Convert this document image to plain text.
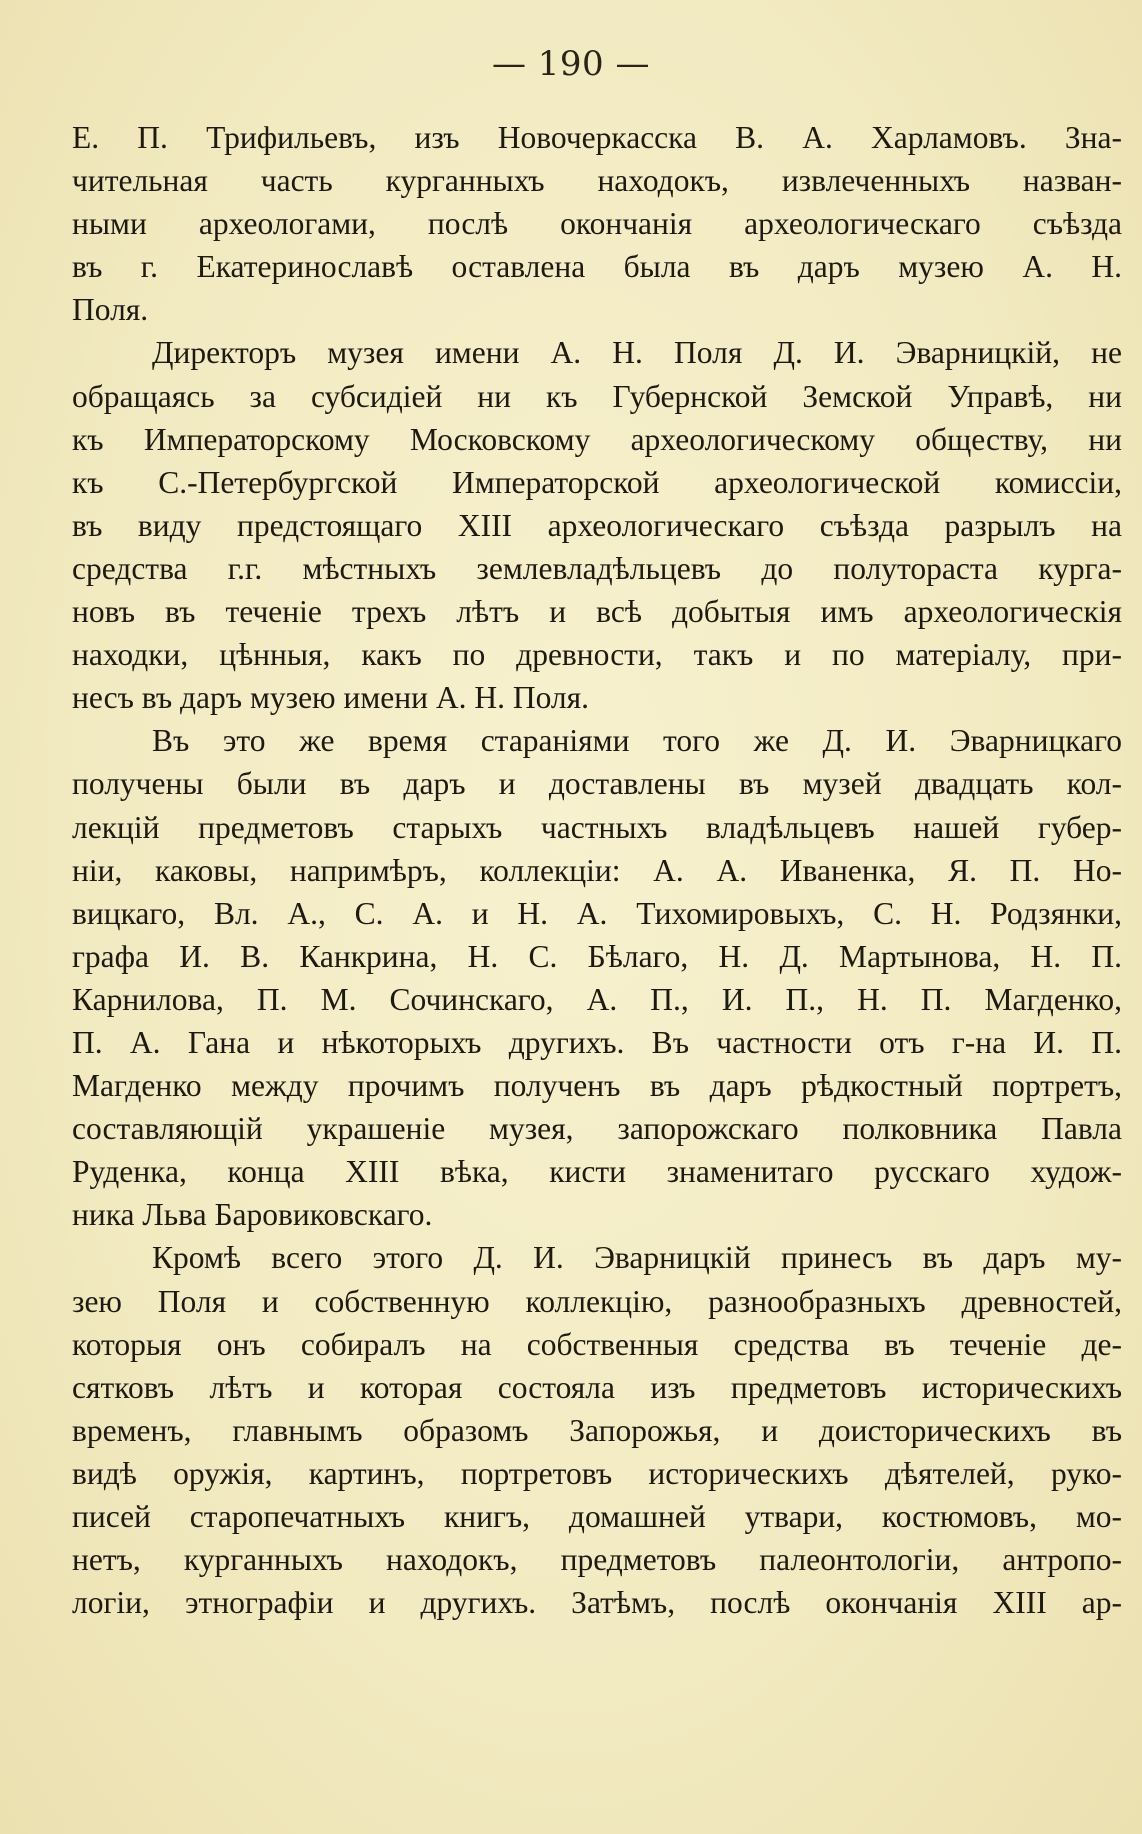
— 190 —
Е. П. Трифильевъ, изъ Новочеркасска В. А. Харламовъ. Зна-
чительная часть курганныхъ находокъ, извлеченныхъ назван-
ными археологами, послѣ окончанія археологическаго съѣзда
въ г. Екатеринославѣ оставлена была въ даръ музею А. Н.
Поля.
Директоръ музея имени А. Н. Поля Д. И. Эварницкій, не
обращаясь за субсидіей ни къ Губернской Земской Управѣ, ни
къ Императорскому Московскому археологическому обществу, ни
къ С.-Петербургской Императорской археологической комиссіи,
въ виду предстоящаго XIII археологическаго съѣзда разрылъ на
средства г.г. мѣстныхъ землевладѣльцевъ до полутораста курга-
новъ въ теченіе трехъ лѣтъ и всѣ добытыя имъ археологическія
находки, цѣнныя, какъ по древности, такъ и по матеріалу, при-
несъ въ даръ музею имени А. Н. Поля.
Въ это же время стараніями того же Д. И. Эварницкаго
получены были въ даръ и доставлены въ музей двадцать кол-
лекцій предметовъ старыхъ частныхъ владѣльцевъ нашей губер-
ніи, каковы, напримѣръ, коллекціи: А. А. Иваненка, Я. П. Но-
вицкаго, Вл. А., С. А. и Н. А. Тихомировыхъ, С. Н. Родзянки,
графа И. В. Канкрина, Н. С. Бѣлаго, Н. Д. Мартынова, Н. П.
Карнилова, П. М. Сочинскаго, А. П., И. П., Н. П. Магденко,
П. А. Гана и нѣкоторыхъ другихъ. Въ частности отъ г-на И. П.
Магденко между прочимъ полученъ въ даръ рѣдкостный портретъ,
составляющій украшеніе музея, запорожскаго полковника Павла
Руденка, конца XIII вѣка, кисти знаменитаго русскаго худож-
ника Льва Баровиковскаго.
Кромѣ всего этого Д. И. Эварницкій принесъ въ даръ му-
зею Поля и собственную коллекцію, разнообразныхъ древностей,
которыя онъ собиралъ на собственныя средства въ теченіе де-
сятковъ лѣтъ и которая состояла изъ предметовъ историческихъ
временъ, главнымъ образомъ Запорожья, и доисторическихъ въ
видѣ оружія, картинъ, портретовъ историческихъ дѣятелей, руко-
писей старопечатныхъ книгъ, домашней утвари, костюмовъ, мо-
нетъ, курганныхъ находокъ, предметовъ палеонтологіи, антропо-
логіи, этнографіи и другихъ. Затѣмъ, послѣ окончанія XIII ар-
